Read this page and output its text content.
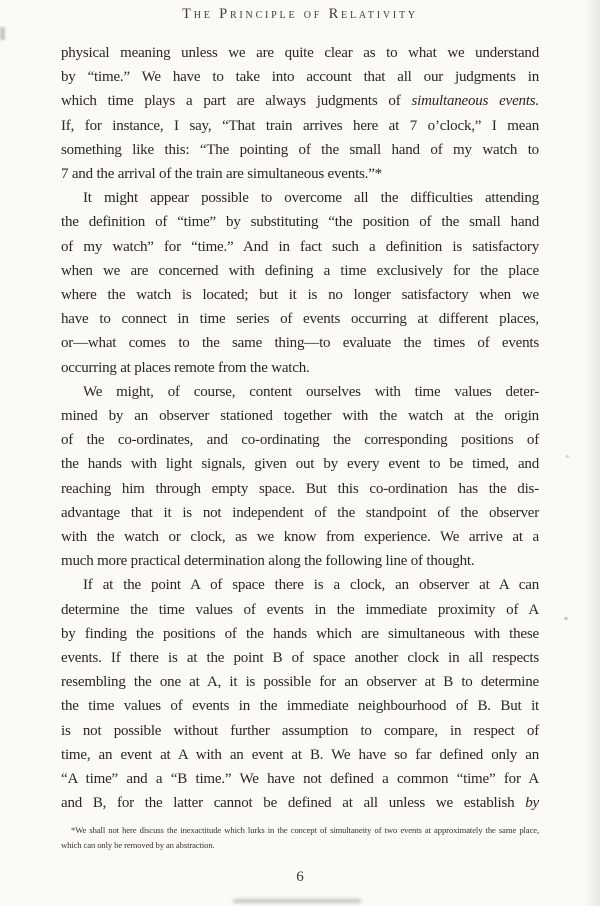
The Principle of Relativity
physical meaning unless we are quite clear as to what we understand
by “time.” We have to take into account that all our judgments in
which time plays a part are always judgments of simultaneous events.
If, for instance, I say, “That train arrives here at 7 o’clock,” I mean
something like this: “The pointing of the small hand of my watch to
7 and the arrival of the train are simultaneous events.”*
It might appear possible to overcome all the difficulties attending
the definition of “time” by substituting “the position of the small hand
of my watch” for “time.” And in fact such a definition is satisfactory
when we are concerned with defining a time exclusively for the place
where the watch is located; but it is no longer satisfactory when we
have to connect in time series of events occurring at different places,
or—what comes to the same thing—to evaluate the times of events
occurring at places remote from the watch.
We might, of course, content ourselves with time values deter-
mined by an observer stationed together with the watch at the origin
of the co-ordinates, and co-ordinating the corresponding positions of
the hands with light signals, given out by every event to be timed, and
reaching him through empty space. But this co-ordination has the dis-
advantage that it is not independent of the standpoint of the observer
with the watch or clock, as we know from experience. We arrive at a
much more practical determination along the following line of thought.
If at the point A of space there is a clock, an observer at A can
determine the time values of events in the immediate proximity of A
by finding the positions of the hands which are simultaneous with these
events. If there is at the point B of space another clock in all respects
resembling the one at A, it is possible for an observer at B to determine
the time values of events in the immediate neighbourhood of B. But it
is not possible without further assumption to compare, in respect of
time, an event at A with an event at B. We have so far defined only an
“A time” and a “B time.” We have not defined a common “time” for A
and B, for the latter cannot be defined at all unless we establish by
*We shall not here discuss the inexactitude which lurks in the concept of simultaneity of two events at approximately the same place,
which can only be removed by an abstraction.
6
